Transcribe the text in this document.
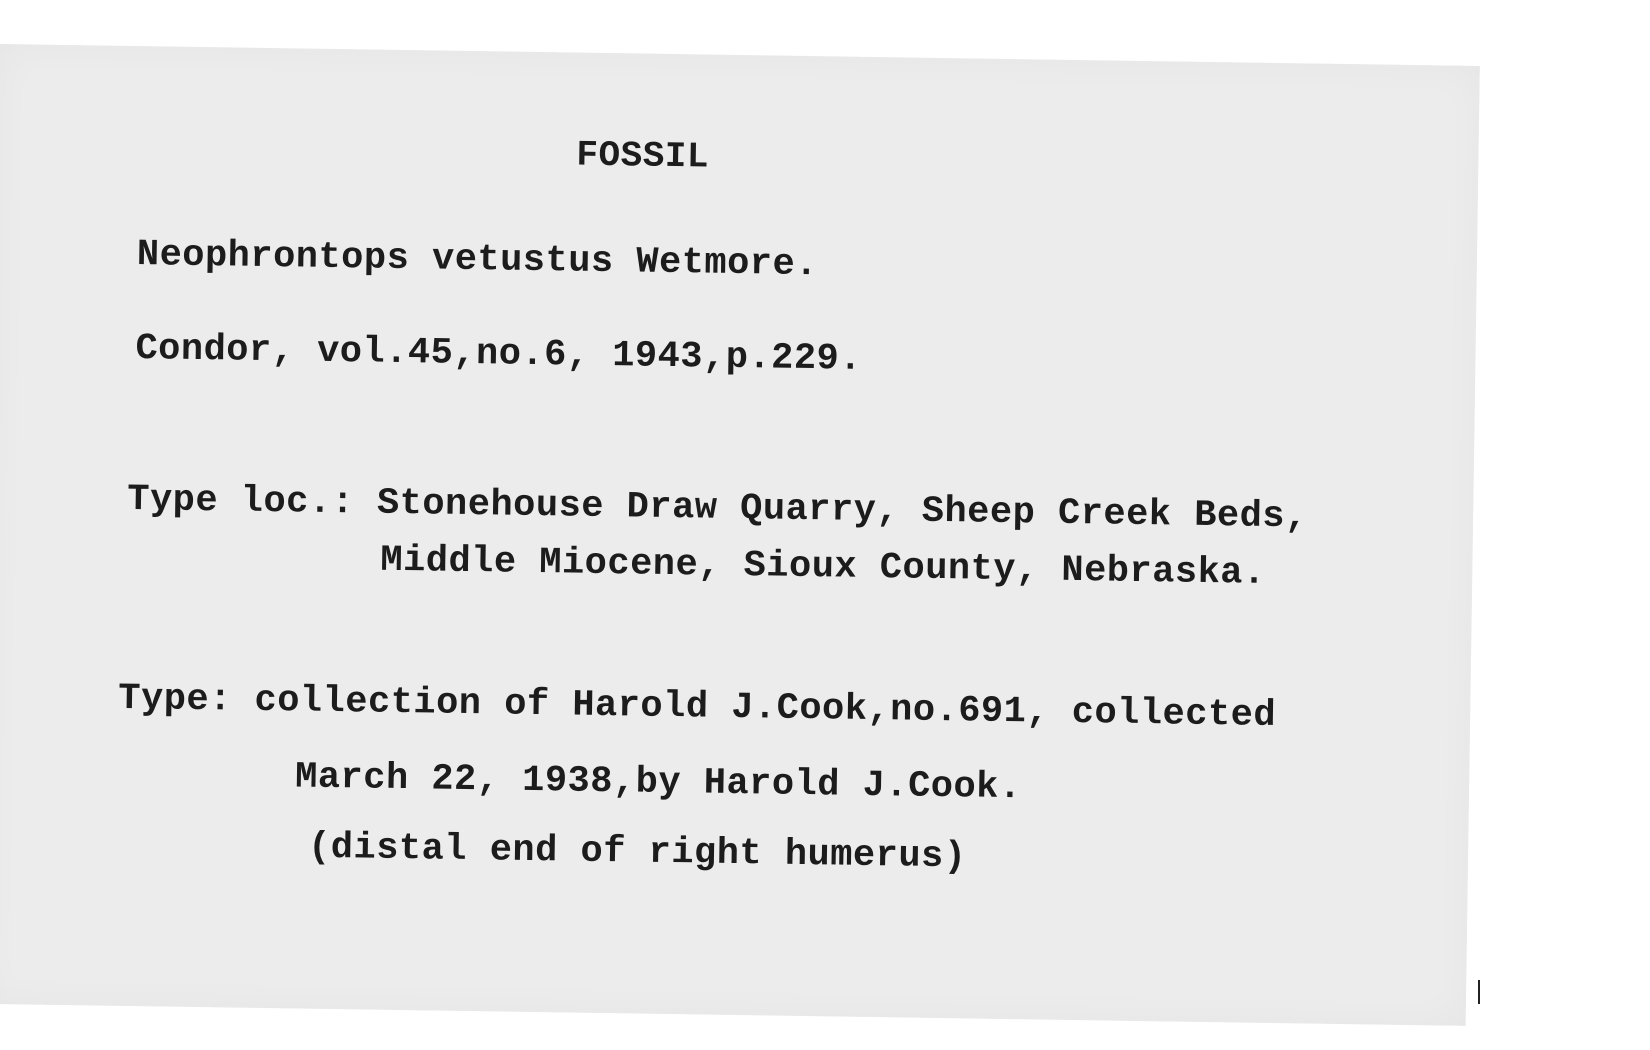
FOSSIL
Neophrontops vetustus Wetmore.
Condor, vol.45,no.6, 1943,p.229.
Type loc.: Stonehouse Draw Quarry, Sheep Creek Beds,
Middle Miocene, Sioux County, Nebraska.
Type: collection of Harold J.Cook,no.691, collected
March 22, 1938,by Harold J.Cook.
(distal end of right humerus)
